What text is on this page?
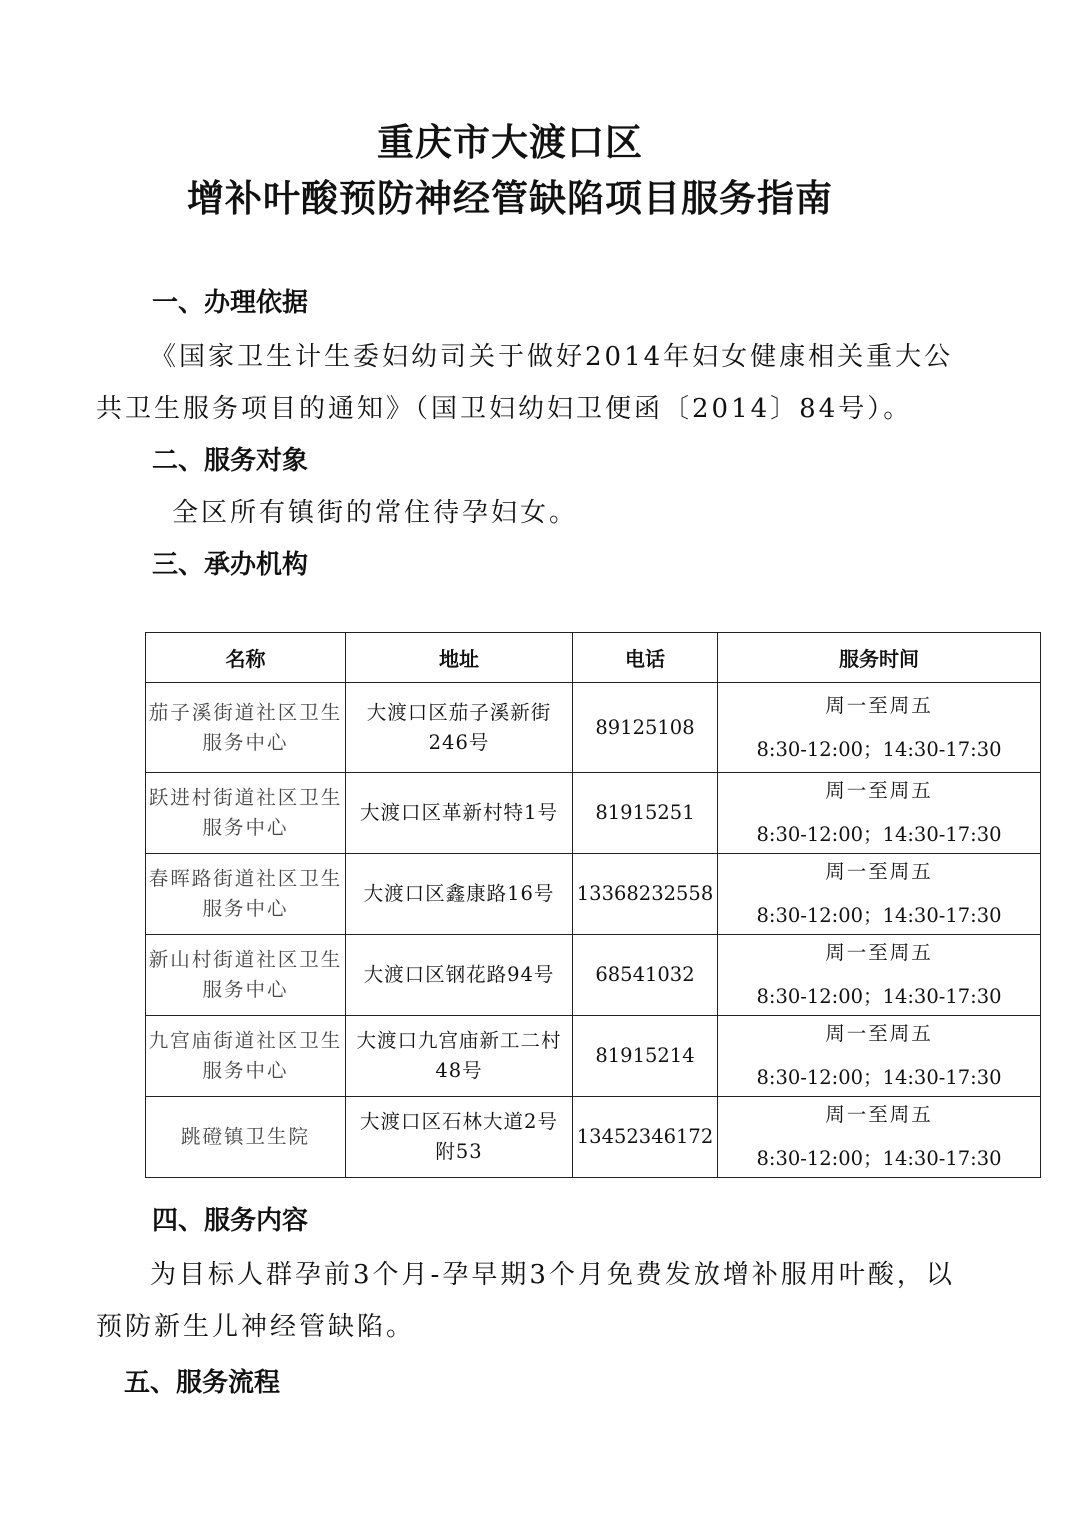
重庆市大渡口区
增补叶酸预防神经管缺陷项目服务指南
一、办理依据
《国家卫生计生委妇幼司关于做好2014年妇女健康相关重大公
共卫生服务项目的通知》（国卫妇幼妇卫便函〔2014〕84号）。
二、服务对象
全区所有镇街的常住待孕妇女。
三、承办机构
名称	地址	电话	服务时间
茄子溪街道社区卫生
服务中心	大渡口区茄子溪新街
246号	89125108	周一至周五
8:30-12:00；14:30-17:30

跃进村街道社区卫生
服务中心	大渡口区革新村特1号	81915251	周一至周五
8:30-12:00；14:30-17:30

春晖路街道社区卫生
服务中心	大渡口区鑫康路16号	13368232558	周一至周五
8:30-12:00；14:30-17:30

新山村街道社区卫生
服务中心	大渡口区钢花路94号	68541032	周一至周五
8:30-12:00；14:30-17:30

九宫庙街道社区卫生
服务中心	大渡口九宫庙新工二村
48号	81915214	周一至周五
8:30-12:00；14:30-17:30

跳磴镇卫生院	大渡口区石林大道2号
附53	13452346172	周一至周五
8:30-12:00；14:30-17:30
四、服务内容
为目标人群孕前3个月-孕早期3个月免费发放增补服用叶酸，以
预防新生儿神经管缺陷。
五、服务流程
